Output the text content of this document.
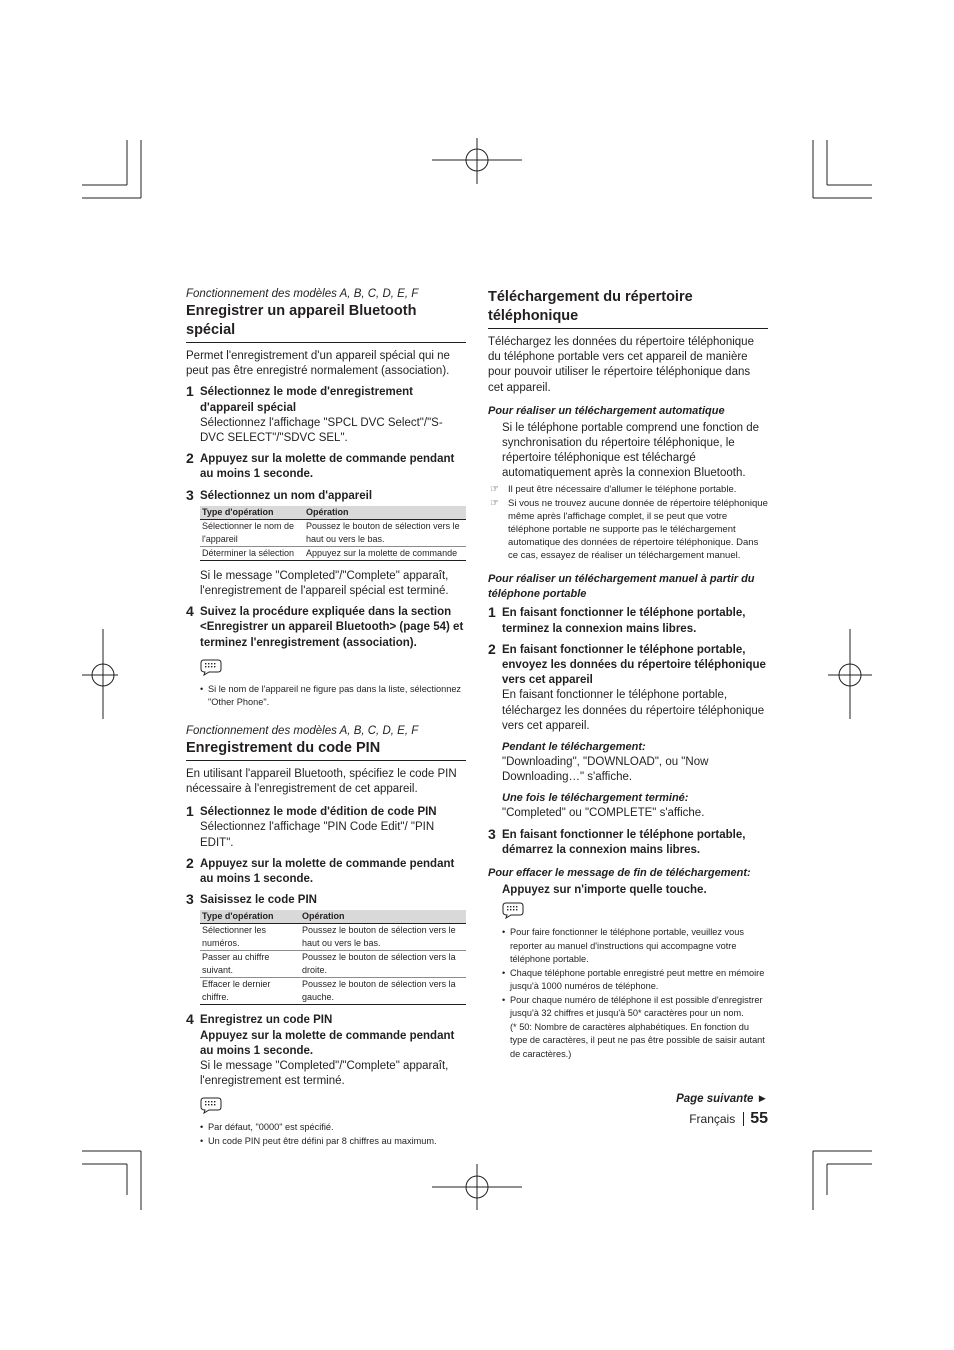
Fonctionnement des modèles A, B, C, D, E, F

Enregistrer un appareil Bluetooth spécial

Permet l'enregistrement d'un appareil spécial qui ne peut pas être enregistré normalement (association).

1 Sélectionnez le mode d'enregistrement d'appareil spécial
Sélectionnez l'affichage "SPCL DVC Select"/"S-DVC SELECT"/"SDVC SEL".
2 Appuyez sur la molette de commande pendant au moins 1 seconde.
3 Sélectionnez un nom d'appareil
Type d'opération	Opération
Sélectionner le nom de l'appareil	Poussez le bouton de sélection vers le haut ou vers le bas.
Déterminer la sélection	Appuyez sur la molette de commande

Si le message "Completed"/"Complete" apparaît, l'enregistrement de l'appareil spécial est terminé.

4 Suivez la procédure expliquée dans la section <Enregistrer un appareil Bluetooth> (page 54) et terminez l'enregistrement (association).
• Si le nom de l'appareil ne figure pas dans la liste, sélectionnez "Other Phone".

Fonctionnement des modèles A, B, C, D, E, F

Enregistrement du code PIN

En utilisant l'appareil Bluetooth, spécifiez le code PIN nécessaire à l'enregistrement de cet appareil.

1 Sélectionnez le mode d'édition de code PIN
Sélectionnez l'affichage "PIN Code Edit"/ "PIN EDIT".
2 Appuyez sur la molette de commande pendant au moins 1 seconde.
3 Saisissez le code PIN
Type d'opération	Opération
Sélectionner les numéros.	Poussez le bouton de sélection vers le haut ou vers le bas.
Passer au chiffre suivant.	Poussez le bouton de sélection vers la droite.
Effacer le dernier chiffre.	Poussez le bouton de sélection vers la gauche.
4 Enregistrez un code PIN
Appuyez sur la molette de commande pendant au moins 1 seconde.
Si le message "Completed"/"Complete" apparaît, l'enregistrement est terminé.
• Par défaut, "0000" est spécifié.
• Un code PIN peut être défini par 8 chiffres au maximum.
Téléchargement du répertoire téléphonique

Téléchargez les données du répertoire téléphonique du téléphone portable vers cet appareil de manière pour pouvoir utiliser le répertoire téléphonique dans cet appareil.

Pour réaliser un téléchargement automatique

Si le téléphone portable comprend une fonction de synchronisation du répertoire téléphonique, le répertoire téléphonique est téléchargé automatiquement après la connexion Bluetooth.

☞ Il peut être nécessaire d'allumer le téléphone portable.
☞ Si vous ne trouvez aucune donnée de répertoire téléphonique même après l'affichage complet, il se peut que votre téléphone portable ne supporte pas le téléchargement automatique des données de répertoire téléphonique. Dans ce cas, essayez de réaliser un téléchargement manuel.

Pour réaliser un téléchargement manuel à partir du téléphone portable

1 En faisant fonctionner le téléphone portable, terminez la connexion mains libres.
2 En faisant fonctionner le téléphone portable, envoyez les données du répertoire téléphonique vers cet appareil
En faisant fonctionner le téléphone portable, téléchargez les données du répertoire téléphonique vers cet appareil.

Pendant le téléchargement:

"Downloading", "DOWNLOAD", ou "Now Downloading…" s'affiche.

Une fois le téléchargement terminé:

"Completed" ou "COMPLETE" s'affiche.

3 En faisant fonctionner le téléphone portable, démarrez la connexion mains libres.

Pour effacer le message de fin de téléchargement:

Appuyez sur n'importe quelle touche.

• Pour faire fonctionner le téléphone portable, veuillez vous reporter au manuel d'instructions qui accompagne votre téléphone portable.
• Chaque téléphone portable enregistré peut mettre en mémoire jusqu'à 1000 numéros de téléphone.
• Pour chaque numéro de téléphone il est possible d'enregistrer jusqu'à 32 chiffres et jusqu'à 50* caractères pour un nom.
(* 50: Nombre de caractères alphabétiques. En fonction du type de caractères, il peut ne pas être possible de saisir autant de caractères.)
Page suivante ►
Français 55
